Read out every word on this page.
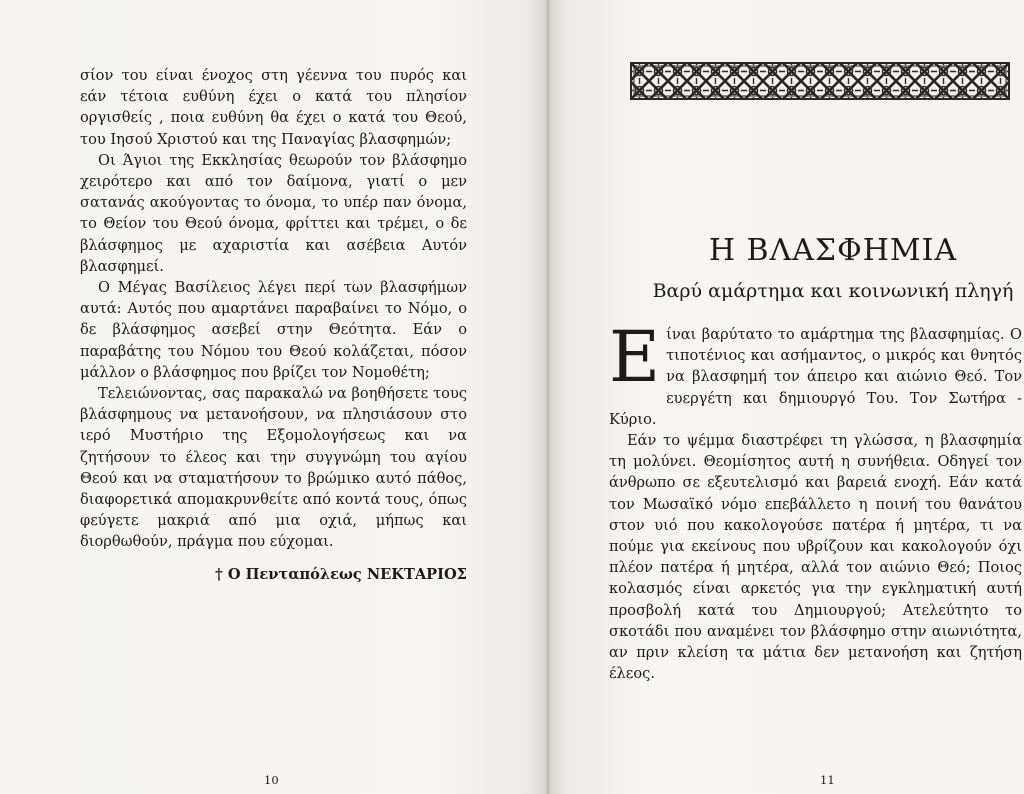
σίον του είναι ένοχος στη γέεννα του πυρός και εάν τέτοια ευθύνη έχει ο κατά του πλησίον οργισθείς , ποια ευθύνη θα έχει ο κατά του Θεού, του Ιησού Χριστού και της Παναγίας βλασφημών;

Οι Άγιοι της Εκκλησίας θεωρούν τον βλάσφημο χειρότερο και από τον δαίμονα, γιατί ο μεν σατανάς ακούγοντας το όνομα, το υπέρ παν όνομα, το Θείον του Θεού όνομα, φρίττει και τρέμει, ο δε βλάσφημος με αχαριστία και ασέβεια Αυτόν βλασφημεί.

Ο Μέγας Βασίλειος λέγει περί των βλασφήμων αυτά: Αυτός που αμαρτάνει παραβαίνει το Νόμο, ο δε βλάσφημος ασεβεί στην Θεότητα. Εάν ο παραβάτης του Νόμου του Θεού κολάζεται, πόσον μάλλον ο βλάσφημος που βρίζει τον Νομοθέτη;

Τελειώνοντας, σας παρακαλώ να βοηθήσετε τους βλάσφημους να μετανοήσουν, να πλησιάσουν στο ιερό Μυστήριο της Εξομολογήσεως και να ζητήσουν το έλεος και την συγγνώμη του αγίου Θεού και να σταματήσουν το βρώμικο αυτό πάθος, διαφορετικά απομακρυνθείτε από κοντά τους, όπως φεύγετε μακριά από μια οχιά, μήπως και διορθωθούν, πράγμα που εύχομαι.

† Ο Πενταπόλεως ΝΕΚΤΑΡΙΟΣ
10
Η ΒΛΑΣΦΗΜΙΑ
Βαρύ αμάρτημα και κοινωνική πληγή

Είναι βαρύτατο το αμάρτημα της βλασφημίας. Ο τιποτένιος και ασήμαντος, ο μικρός και θνητός να βλασφημή τον άπειρο και αιώνιο Θεό. Τον ευεργέτη και δημιουργό Του. Τον Σωτήρα - Κύριο.

Εάν το ψέμμα διαστρέφει τη γλώσσα, η βλασφημία τη μολύνει. Θεομίσητος αυτή η συνήθεια. Οδηγεί τον άνθρωπο σε εξευτελισμό και βαρειά ενοχή. Εάν κατά τον Μωσαϊκό νόμο επεβάλλετο η ποινή του θανάτου στον υιό που κακολογούσε πατέρα ή μητέρα, τι να πούμε για εκείνους που υβρίζουν και κακολογούν όχι πλέον πατέρα ή μητέρα, αλλά τον αιώνιο Θεό; Ποιος κολασμός είναι αρκετός για την εγκληματική αυτή προσβολή κατά του Δημιουργού; Ατελεύτητο το σκοτάδι που αναμένει τον βλάσφημο στην αιωνιότητα, αν πριν κλείση τα μάτια δεν μετανοήση και ζητήση έλεος.

11
